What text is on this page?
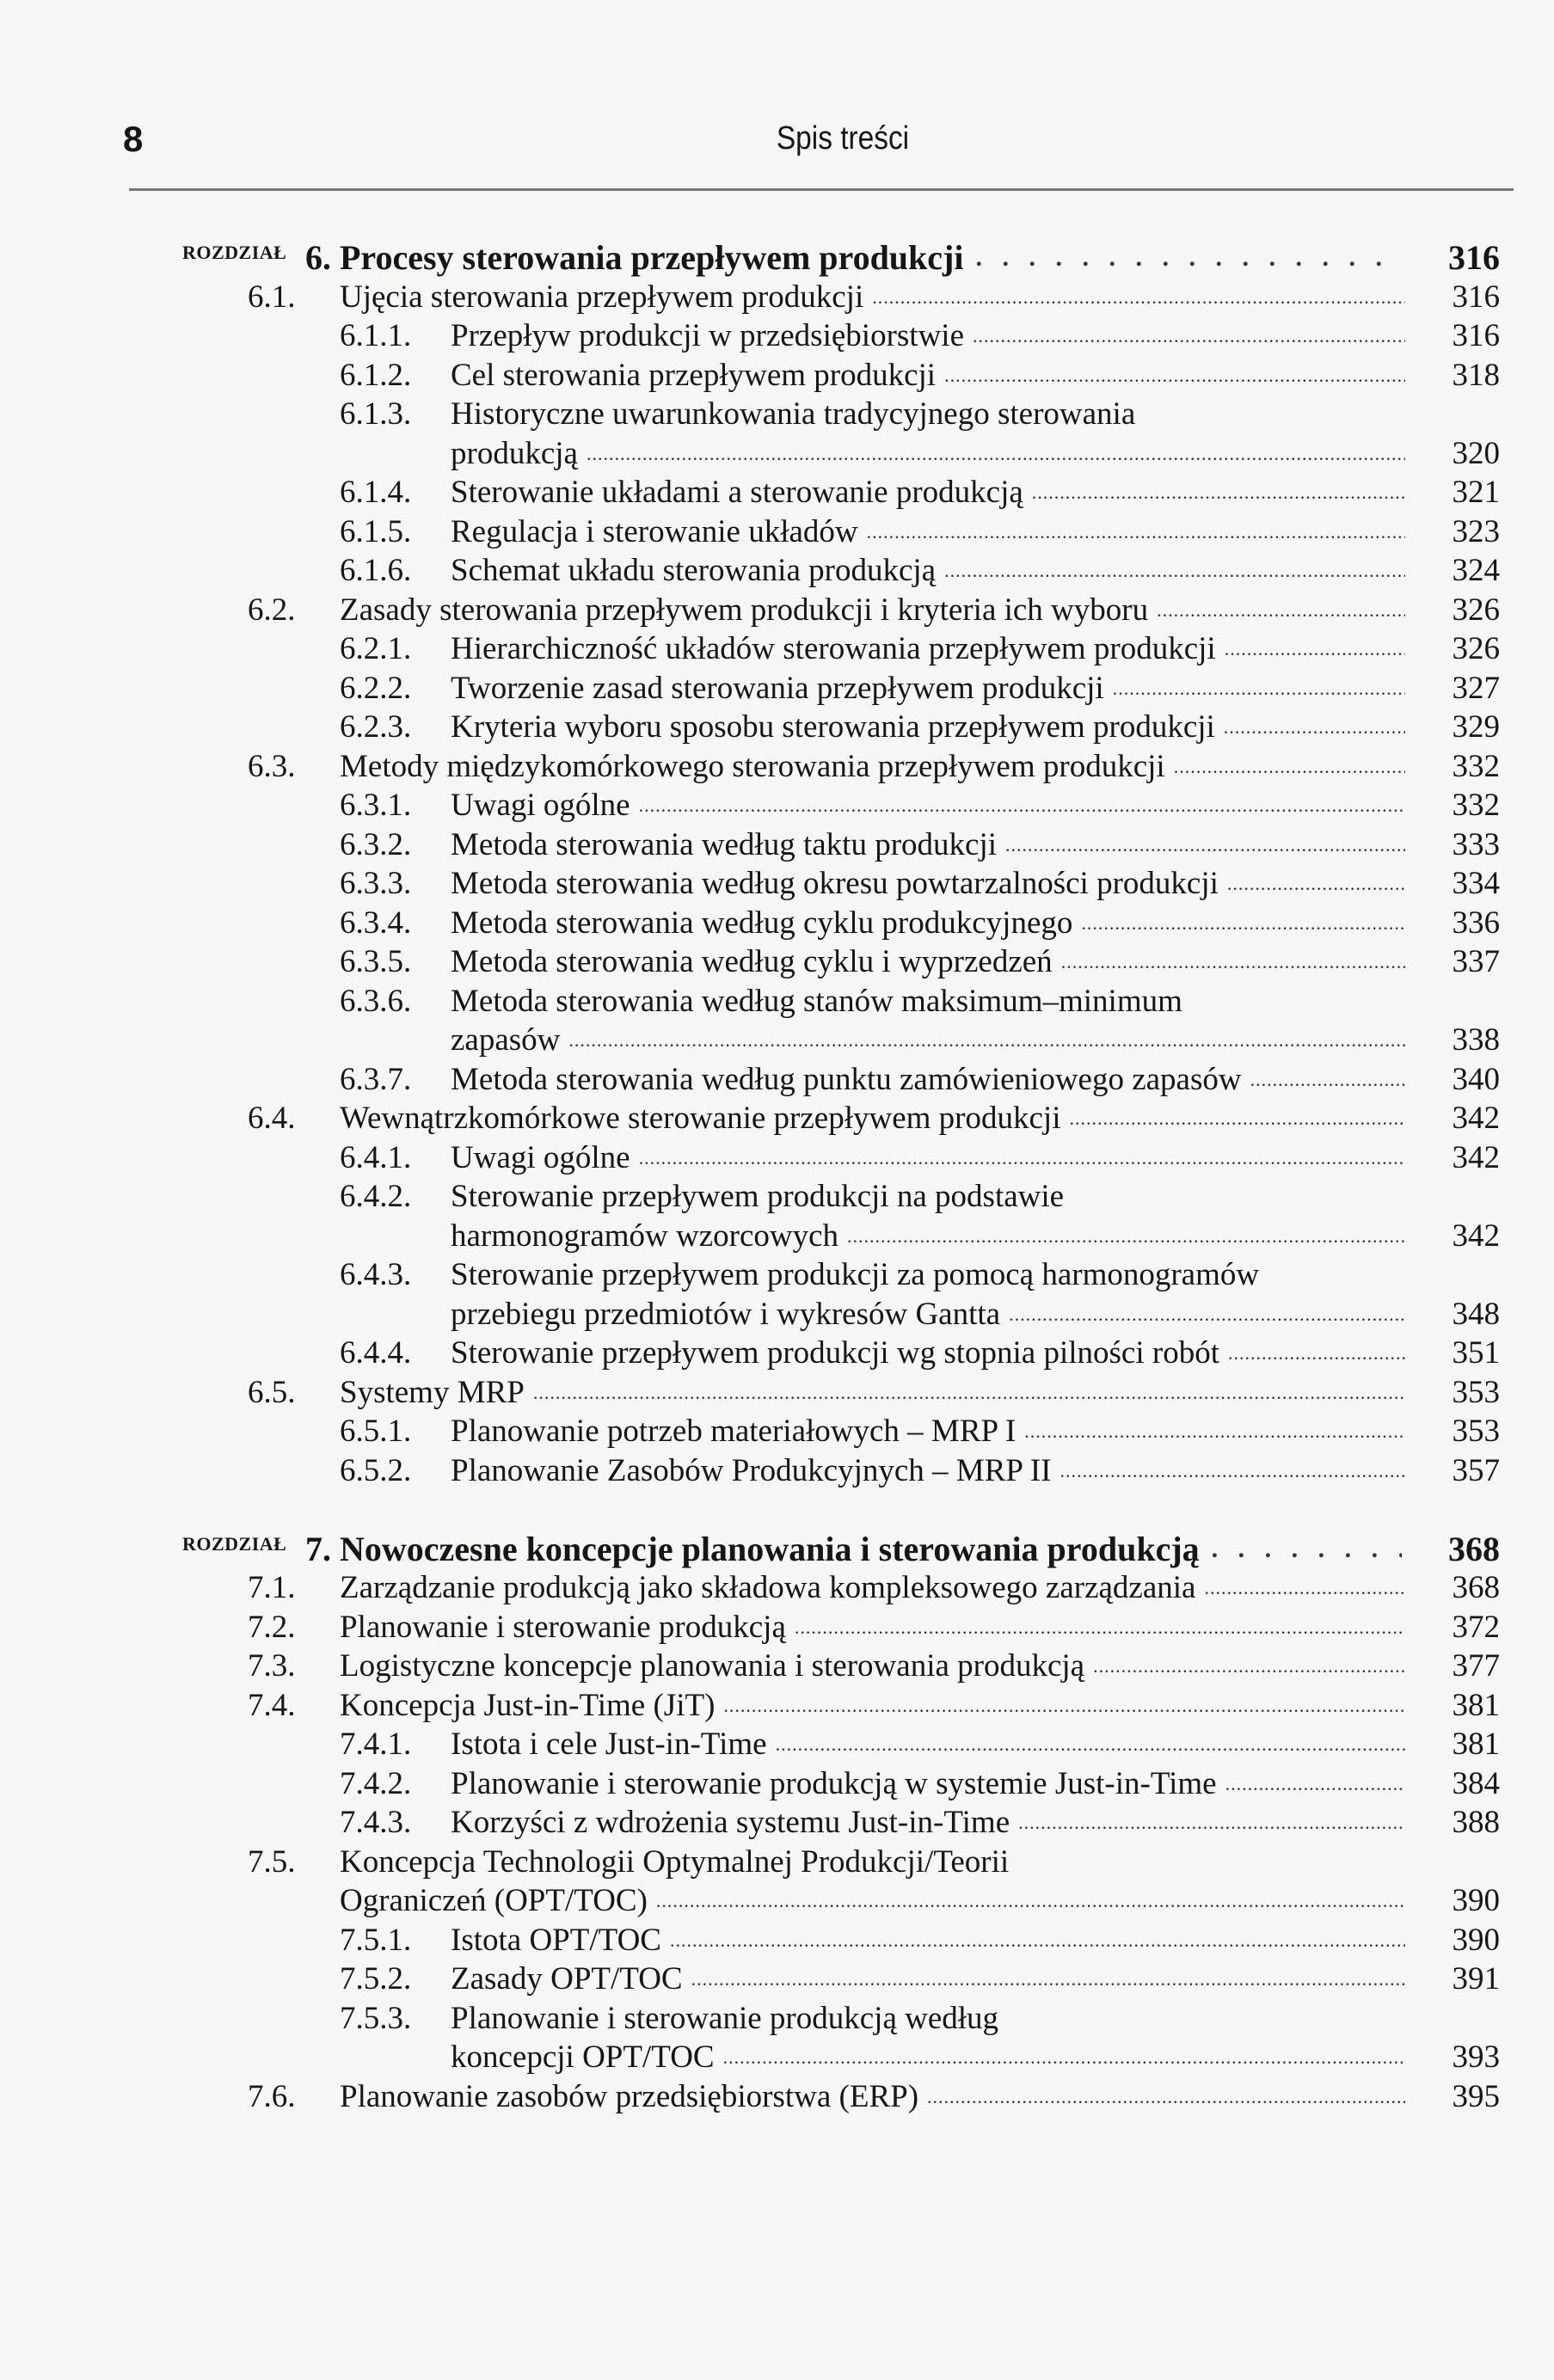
8	Spis treści
ROZDZIAŁ 6.
Procesy sterowania przepływem produkcji . . .	316
6.1. Ujęcia sterowania przepływem produkcji .....	316
6.1.1. Przepływ produkcji w przedsiębiorstwie .....	316
6.1.2. Cel sterowania przepływem produkcji .....	318
6.1.3. Historyczne uwarunkowania tradycyjnego sterowania
produkcją .....	320
6.1.4. Sterowanie układami a sterowanie produkcją .....	321
6.1.5. Regulacja i sterowanie układów .....	323
6.1.6. Schemat układu sterowania produkcją .....	324
6.2. Zasady sterowania przepływem produkcji i kryteria ich wyboru .....	326
6.2.1. Hierarchiczność układów sterowania przepływem produkcji .....	326
6.2.2. Tworzenie zasad sterowania przepływem produkcji .....	327
6.2.3. Kryteria wyboru sposobu sterowania przepływem produkcji .....	329
6.3. Metody międzykomórkowego sterowania przepływem produkcji .....	332
6.3.1. Uwagi ogólne .....	332
6.3.2. Metoda sterowania według taktu produkcji .....	333
6.3.3. Metoda sterowania według okresu powtarzalności produkcji .....	334
6.3.4. Metoda sterowania według cyklu produkcyjnego .....	336
6.3.5. Metoda sterowania według cyklu i wyprzedzeń .....	337
6.3.6. Metoda sterowania według stanów maksimum–minimum
zapasów .....	338
6.3.7. Metoda sterowania według punktu zamówieniowego zapasów .....	340
6.4. Wewnątrzkomórkowe sterowanie przepływem produkcji .....	342
6.4.1. Uwagi ogólne .....	342
6.4.2. Sterowanie przepływem produkcji na podstawie
harmonogramów wzorcowych .....	342
6.4.3. Sterowanie przepływem produkcji za pomocą harmonogramów
przebiegu przedmiotów i wykresów Gantta .....	348
6.4.4. Sterowanie przepływem produkcji wg stopnia pilności robót .....	351
6.5. Systemy MRP .....	353
6.5.1. Planowanie potrzeb materiałowych – MRP I .....	353
6.5.2. Planowanie Zasobów Produkcyjnych – MRP II .....	357
ROZDZIAŁ 7.
Nowoczesne koncepcje planowania i sterowania produkcją . . .	368
7.1. Zarządzanie produkcją jako składowa kompleksowego zarządzania .....	368
7.2. Planowanie i sterowanie produkcją .....	372
7.3. Logistyczne koncepcje planowania i sterowania produkcją .....	377
7.4. Koncepcja Just-in-Time (JiT) .....	381
7.4.1. Istota i cele Just-in-Time .....	381
7.4.2. Planowanie i sterowanie produkcją w systemie Just-in-Time .....	384
7.4.3. Korzyści z wdrożenia systemu Just-in-Time .....	388
7.5. Koncepcja Technologii Optymalnej Produkcji/Teorii
Ograniczeń (OPT/TOC) .....	390
7.5.1. Istota OPT/TOC .....	390
7.5.2. Zasady OPT/TOC .....	391
7.5.3. Planowanie i sterowanie produkcją według
koncepcji OPT/TOC .....	393
7.6. Planowanie zasobów przedsiębiorstwa (ERP) .....	395
